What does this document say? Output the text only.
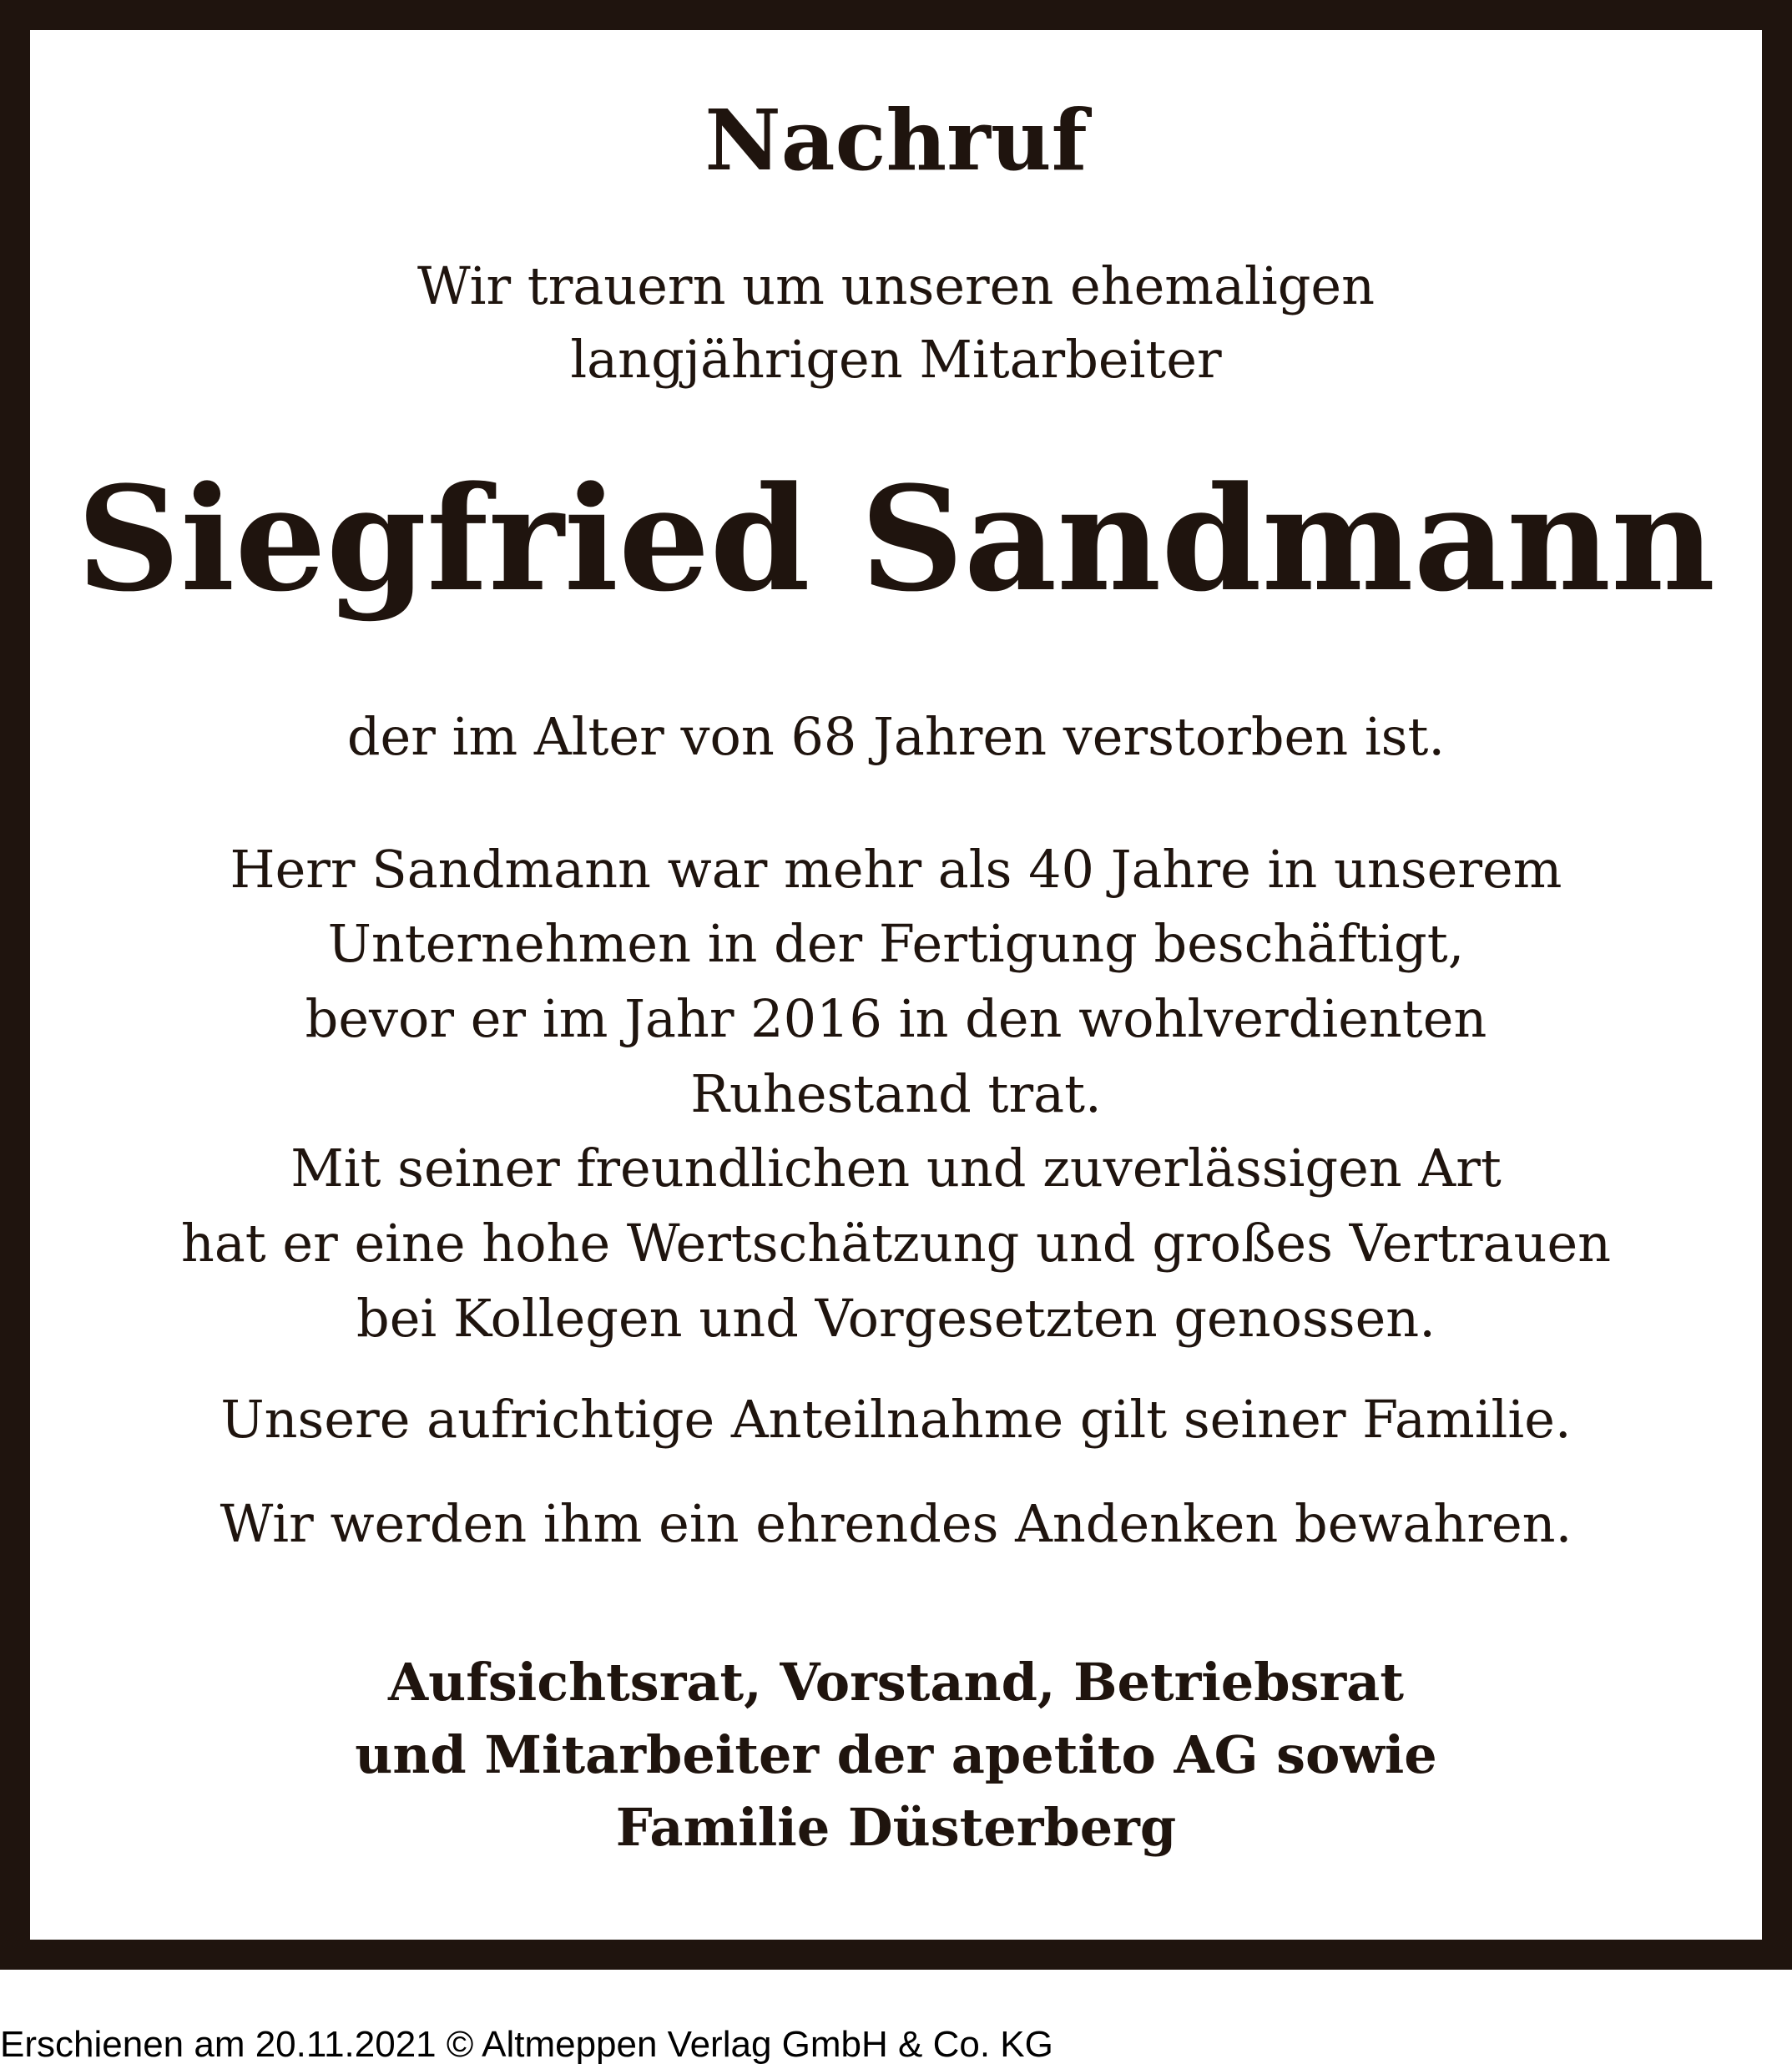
Nachruf
Wir trauern um unseren ehemaligen
langjährigen Mitarbeiter
Siegfried Sandmann
der im Alter von 68 Jahren verstorben ist.
Herr Sandmann war mehr als 40 Jahre in unserem
Unternehmen in der Fertigung beschäftigt,
bevor er im Jahr 2016 in den wohlverdienten
Ruhestand trat.
Mit seiner freundlichen und zuverlässigen Art
hat er eine hohe Wertschätzung und großes Vertrauen
bei Kollegen und Vorgesetzten genossen.
Unsere aufrichtige Anteilnahme gilt seiner Familie.
Wir werden ihm ein ehrendes Andenken bewahren.
Aufsichtsrat, Vorstand, Betriebsrat
und Mitarbeiter der apetito AG sowie
Familie Düsterberg
Erschienen am 20.11.2021 © Altmeppen Verlag GmbH & Co. KG
